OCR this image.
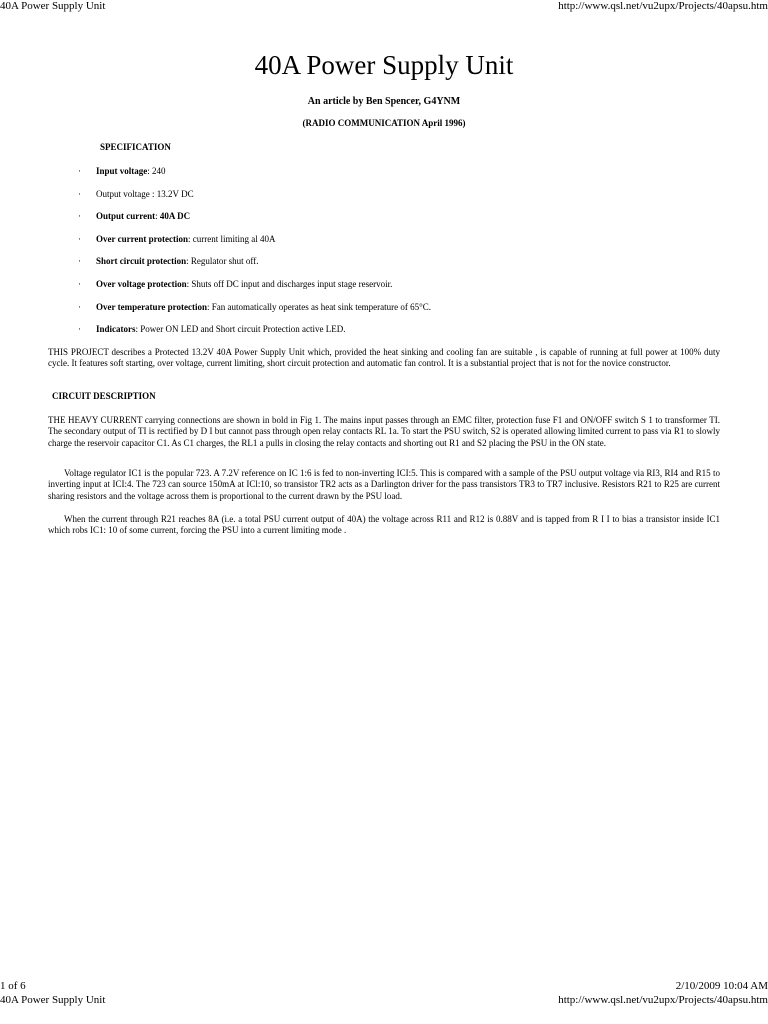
40A Power Supply Unit	http://www.qsl.net/vu2upx/Projects/40apsu.htm
40A Power Supply Unit
An article by Ben Spencer, G4YNM
(RADIO COMMUNICATION April 1996)
SPECIFICATION
· Input voltage: 240
· Output voltage : 13.2V DC
· Output current: 40A DC
· Over current protection: current limiting al 40A
· Short circuit protection: Regulator shut off.
· Over voltage protection: Shuts off DC input and discharges input stage reservoir.
· Over temperature protection: Fan automatically operates as heat sink temperature of 65°C.
· Indicators: Power ON LED and Short circuit Protection active LED.

THIS PROJECT describes a Protected 13.2V 40A Power Supply Unit which, provided the heat sinking and cooling fan are suitable , is capable of running at full power at 100% duty cycle. It features soft starting, over voltage, current limiting, short circuit protection and automatic fan control. It is a substantial project that is not for the novice constructor.

CIRCUIT DESCRIPTION

THE HEAVY CURRENT carrying connections are shown in bold in Fig 1. The mains input passes through an EMC filter, protection fuse F1 and ON/OFF switch S 1 to transformer TI. The secondary output of TI is rectified by D I but cannot pass through open relay contacts RL 1a. To start the PSU switch, S2 is operated allowing limited current to pass via R1 to slowly charge the reservoir capacitor C1. As C1 charges, the RL1 a pulls in closing the relay contacts and shorting out R1 and S2 placing the PSU in the ON state.

Voltage regulator IC1 is the popular 723. A 7.2V reference on IC 1:6 is fed to non-inverting ICI:5. This is compared with a sample of the PSU output voltage via RI3, RI4 and R15 to inverting input at ICI:4. The 723 can source 150mA at ICl:10, so transistor TR2 acts as a Darlington driver for the pass transistors TR3 to TR7 inclusive. Resistors R21 to R25 are current sharing resistors and the voltage across them is proportional to the current drawn by the PSU load.

When the current through R21 reaches 8A (i.e. a total PSU current output of 40A) the voltage across R11 and R12 is 0.88V and is tapped from R I I to bias a transistor inside IC1 which robs IC1: 10 of some current, forcing the PSU into a current limiting mode .

1 of 6	2/10/2009 10:04 AM
40A Power Supply Unit	http://www.qsl.net/vu2upx/Projects/40apsu.htm
